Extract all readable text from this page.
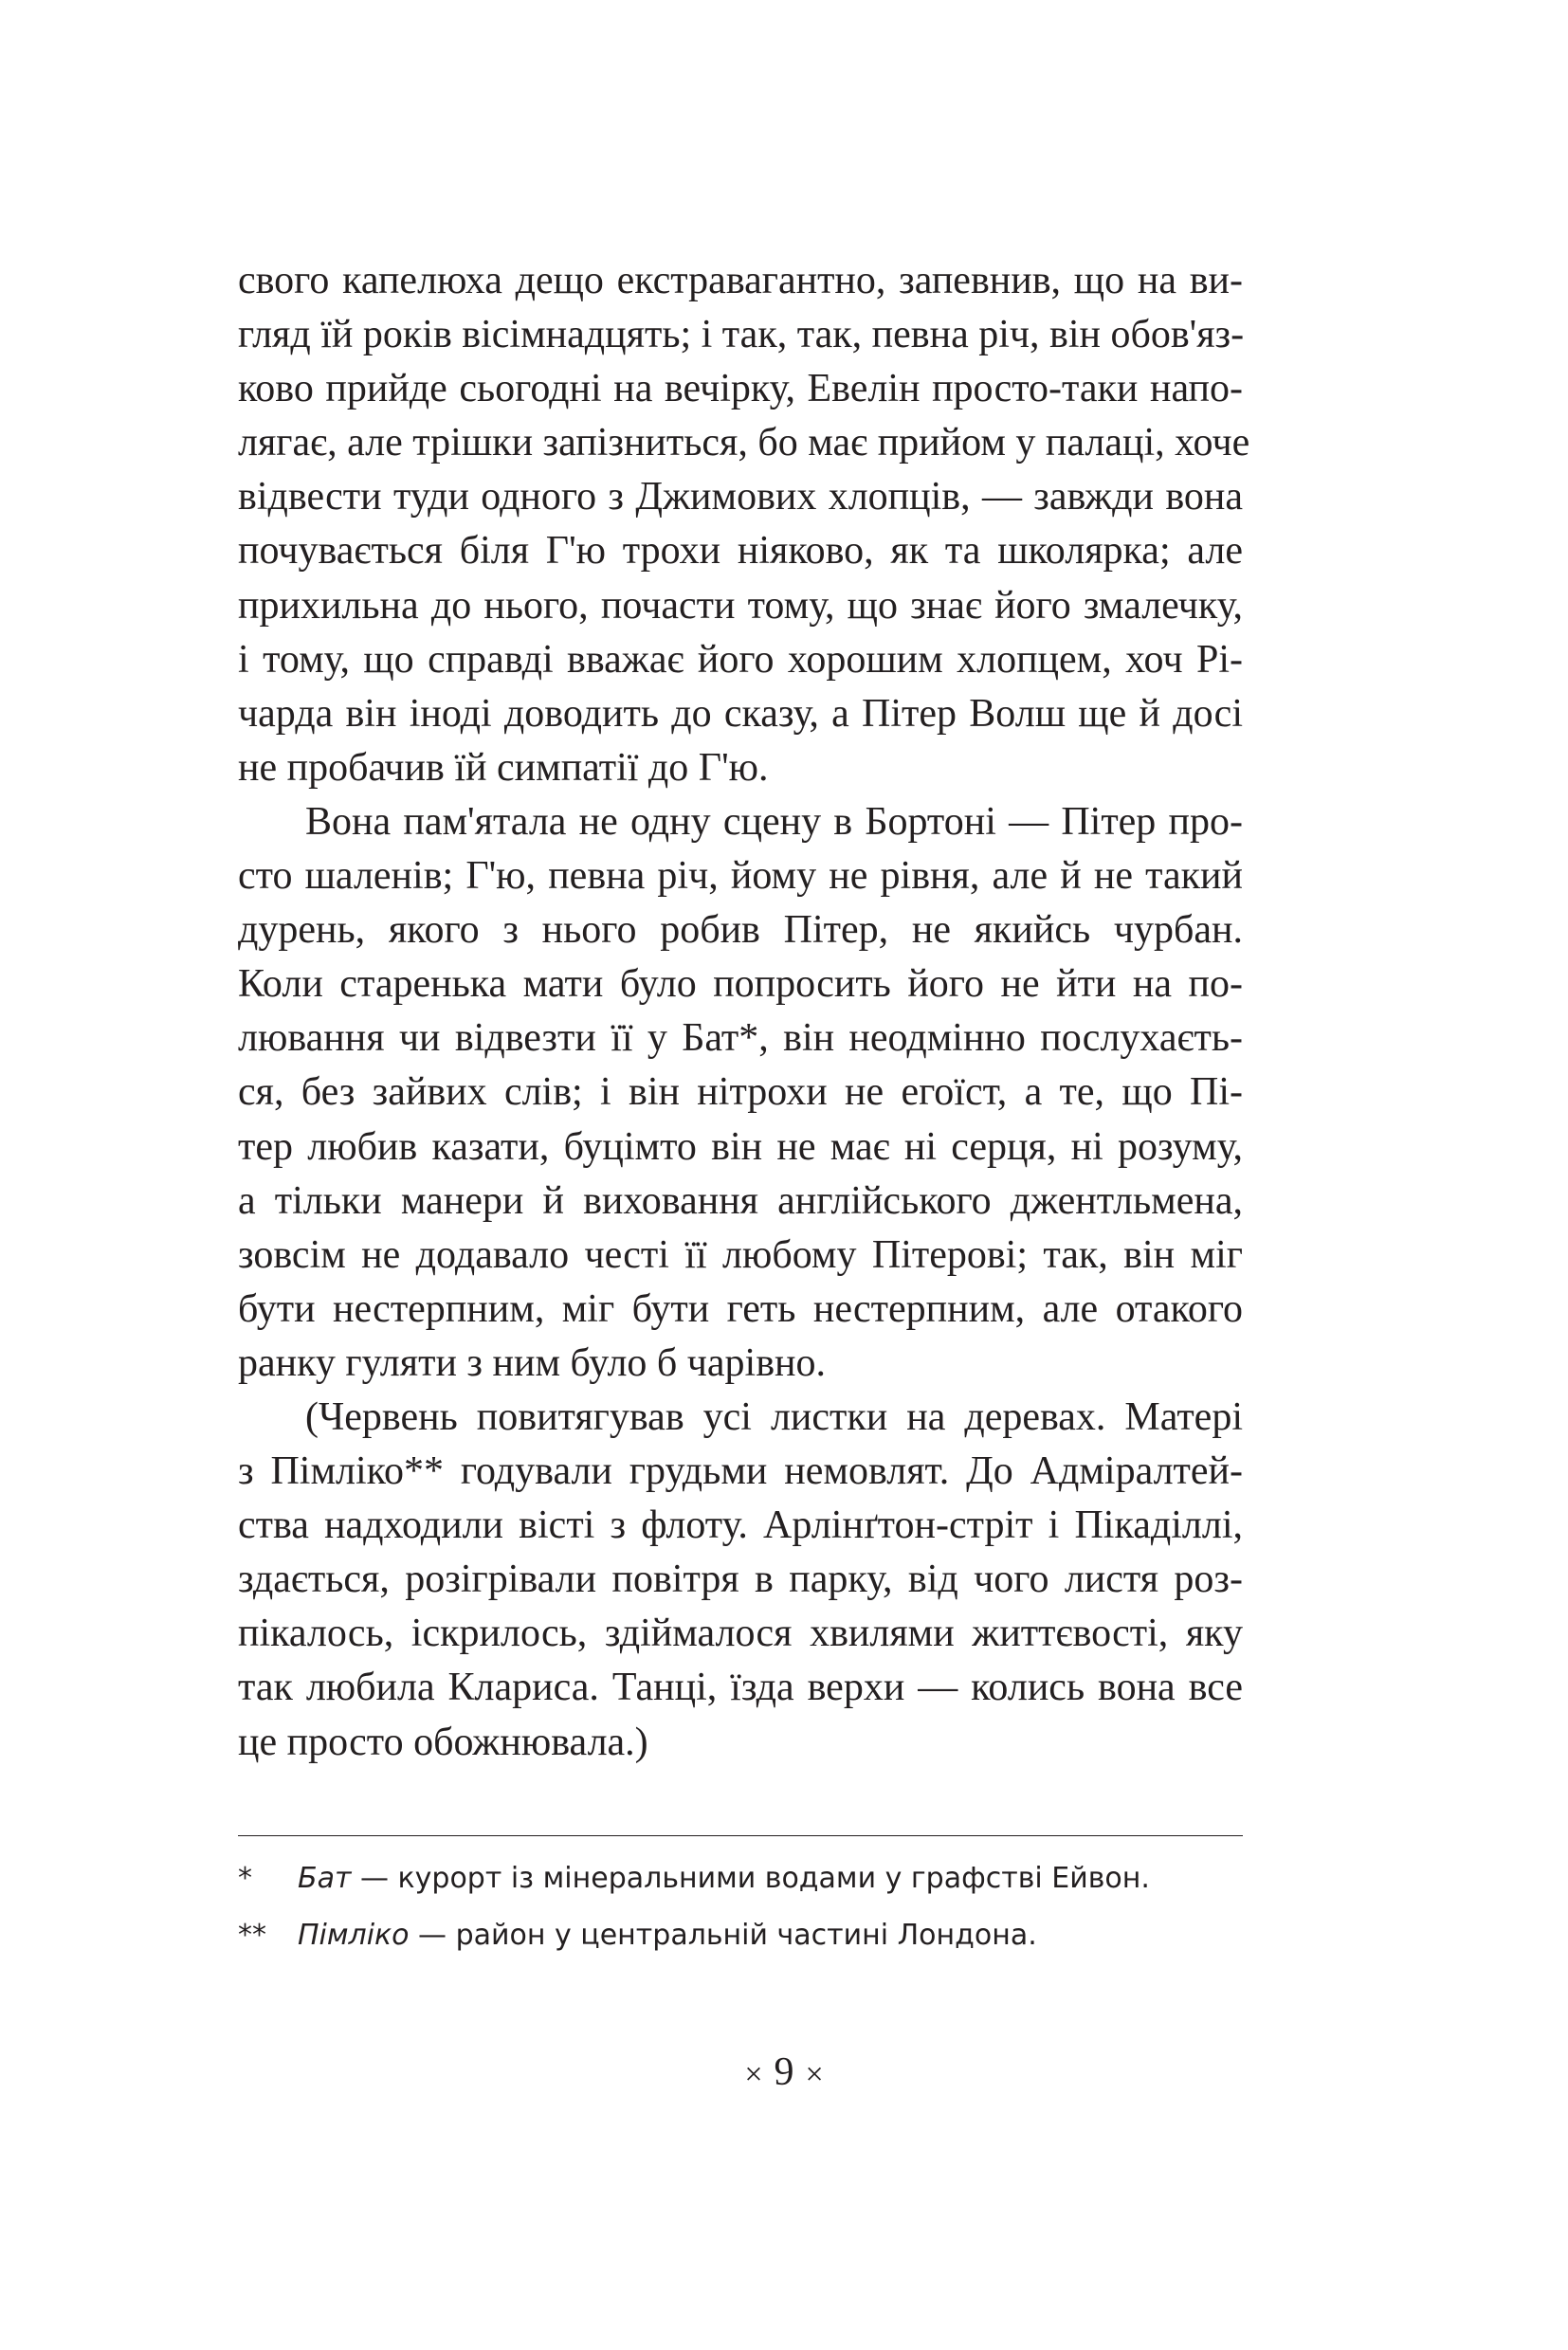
свого капелюха дещо екстравагантно, запевнив, що на ви-
гляд їй років вісімнадцять; і так, так, певна річ, він обов'яз-
ково прийде сьогодні на вечірку, Евелін просто-таки напо-
лягає, але трішки запізниться, бо має прийом у палаці, хоче
відвести туди одного з Джимових хлопців, — завжди вона
почувається біля Г'ю трохи ніяково, як та школярка; але
прихильна до нього, почасти тому, що знає його змалечку,
і тому, що справді вважає його хорошим хлопцем, хоч Рі-
чарда він іноді доводить до сказу, а Пітер Волш ще й досі
не пробачив їй симпатії до Г'ю.
Вона пам'ятала не одну сцену в Бортоні — Пітер про-
сто шаленів; Г'ю, певна річ, йому не рівня, але й не такий
дурень, якого з нього робив Пітер, не якийсь чурбан.
Коли старенька мати було попросить його не йти на по-
лювання чи відвезти її у Бат*, він неодмінно послухаєть-
ся, без зайвих слів; і він нітрохи не егоїст, а те, що Пі-
тер любив казати, буцімто він не має ні серця, ні розуму,
а тільки манери й виховання англійського джентльмена,
зовсім не додавало честі її любому Пітерові; так, він міг
бути нестерпним, міг бути геть нестерпним, але отакого
ранку гуляти з ним було б чарівно.
(Червень повитягував усі листки на деревах. Матері
з Пімліко** годували грудьми немовлят. До Адміралтей-
ства надходили вісті з флоту. Арлінґтон-стріт і Пікаділлі,
здається, розігрівали повітря в парку, від чого листя роз-
пікалось, іскрилось, здіймалося хвилями життєвості, яку
так любила Клариса. Танці, їзда верхи — колись вона все
це просто обожнювала.)
* Бат — курорт із мінеральними водами у графстві Ейвон.
** Пімліко — район у центральній частині Лондона.
× 9 ×
